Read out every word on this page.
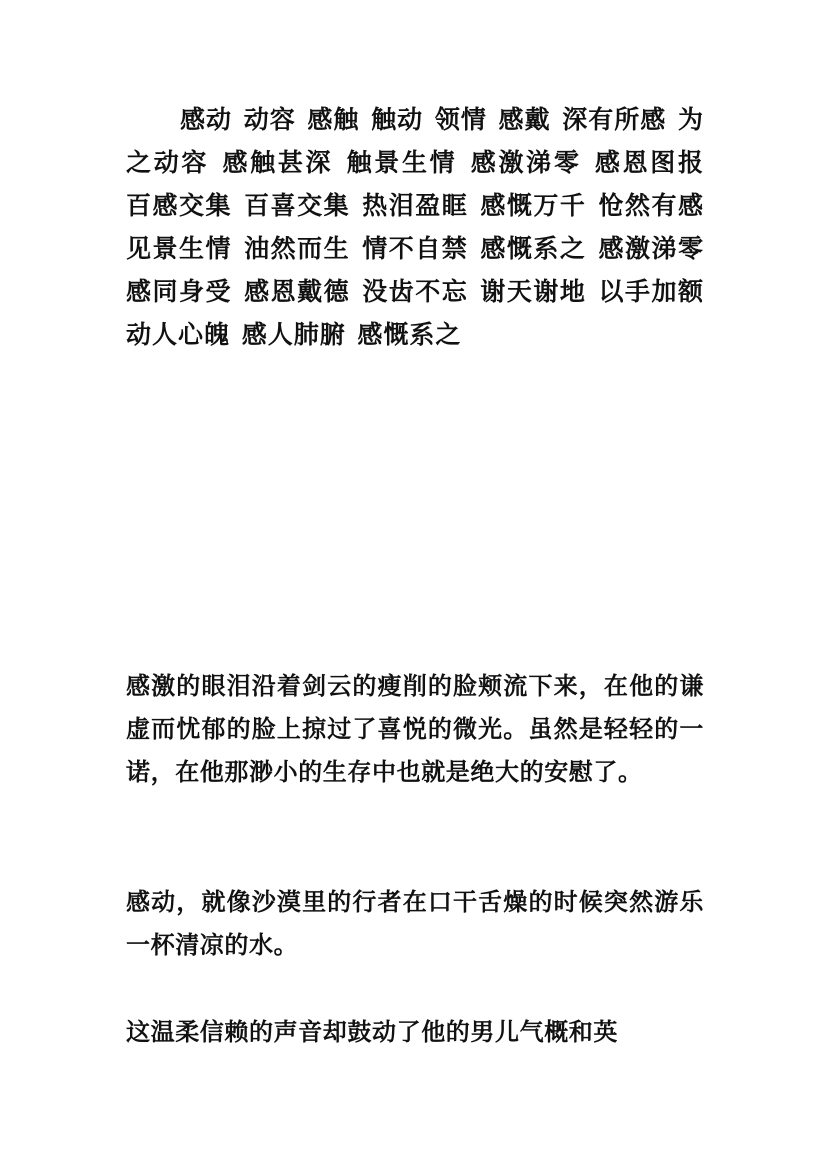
感动 动容 感触 触动 领情 感戴 深有所感 为之动容 感触甚深 触景生情 感激涕零 感恩图报 百感交集 百喜交集 热泪盈眶 感慨万千 怆然有感 见景生情 油然而生 情不自禁 感慨系之 感激涕零 感同身受 感恩戴德 没齿不忘 谢天谢地 以手加额 动人心魄 感人肺腑 感慨系之

感激的眼泪沿着剑云的瘦削的脸颊流下来，在他的谦虚而忧郁的脸上掠过了喜悦的微光。虽然是轻轻的一诺，在他那渺小的生存中也就是绝大的安慰了。

感动，就像沙漠里的行者在口干舌燥的时候突然游乐一杯清凉的水。

这温柔信赖的声音却鼓动了他的男儿气概和英
